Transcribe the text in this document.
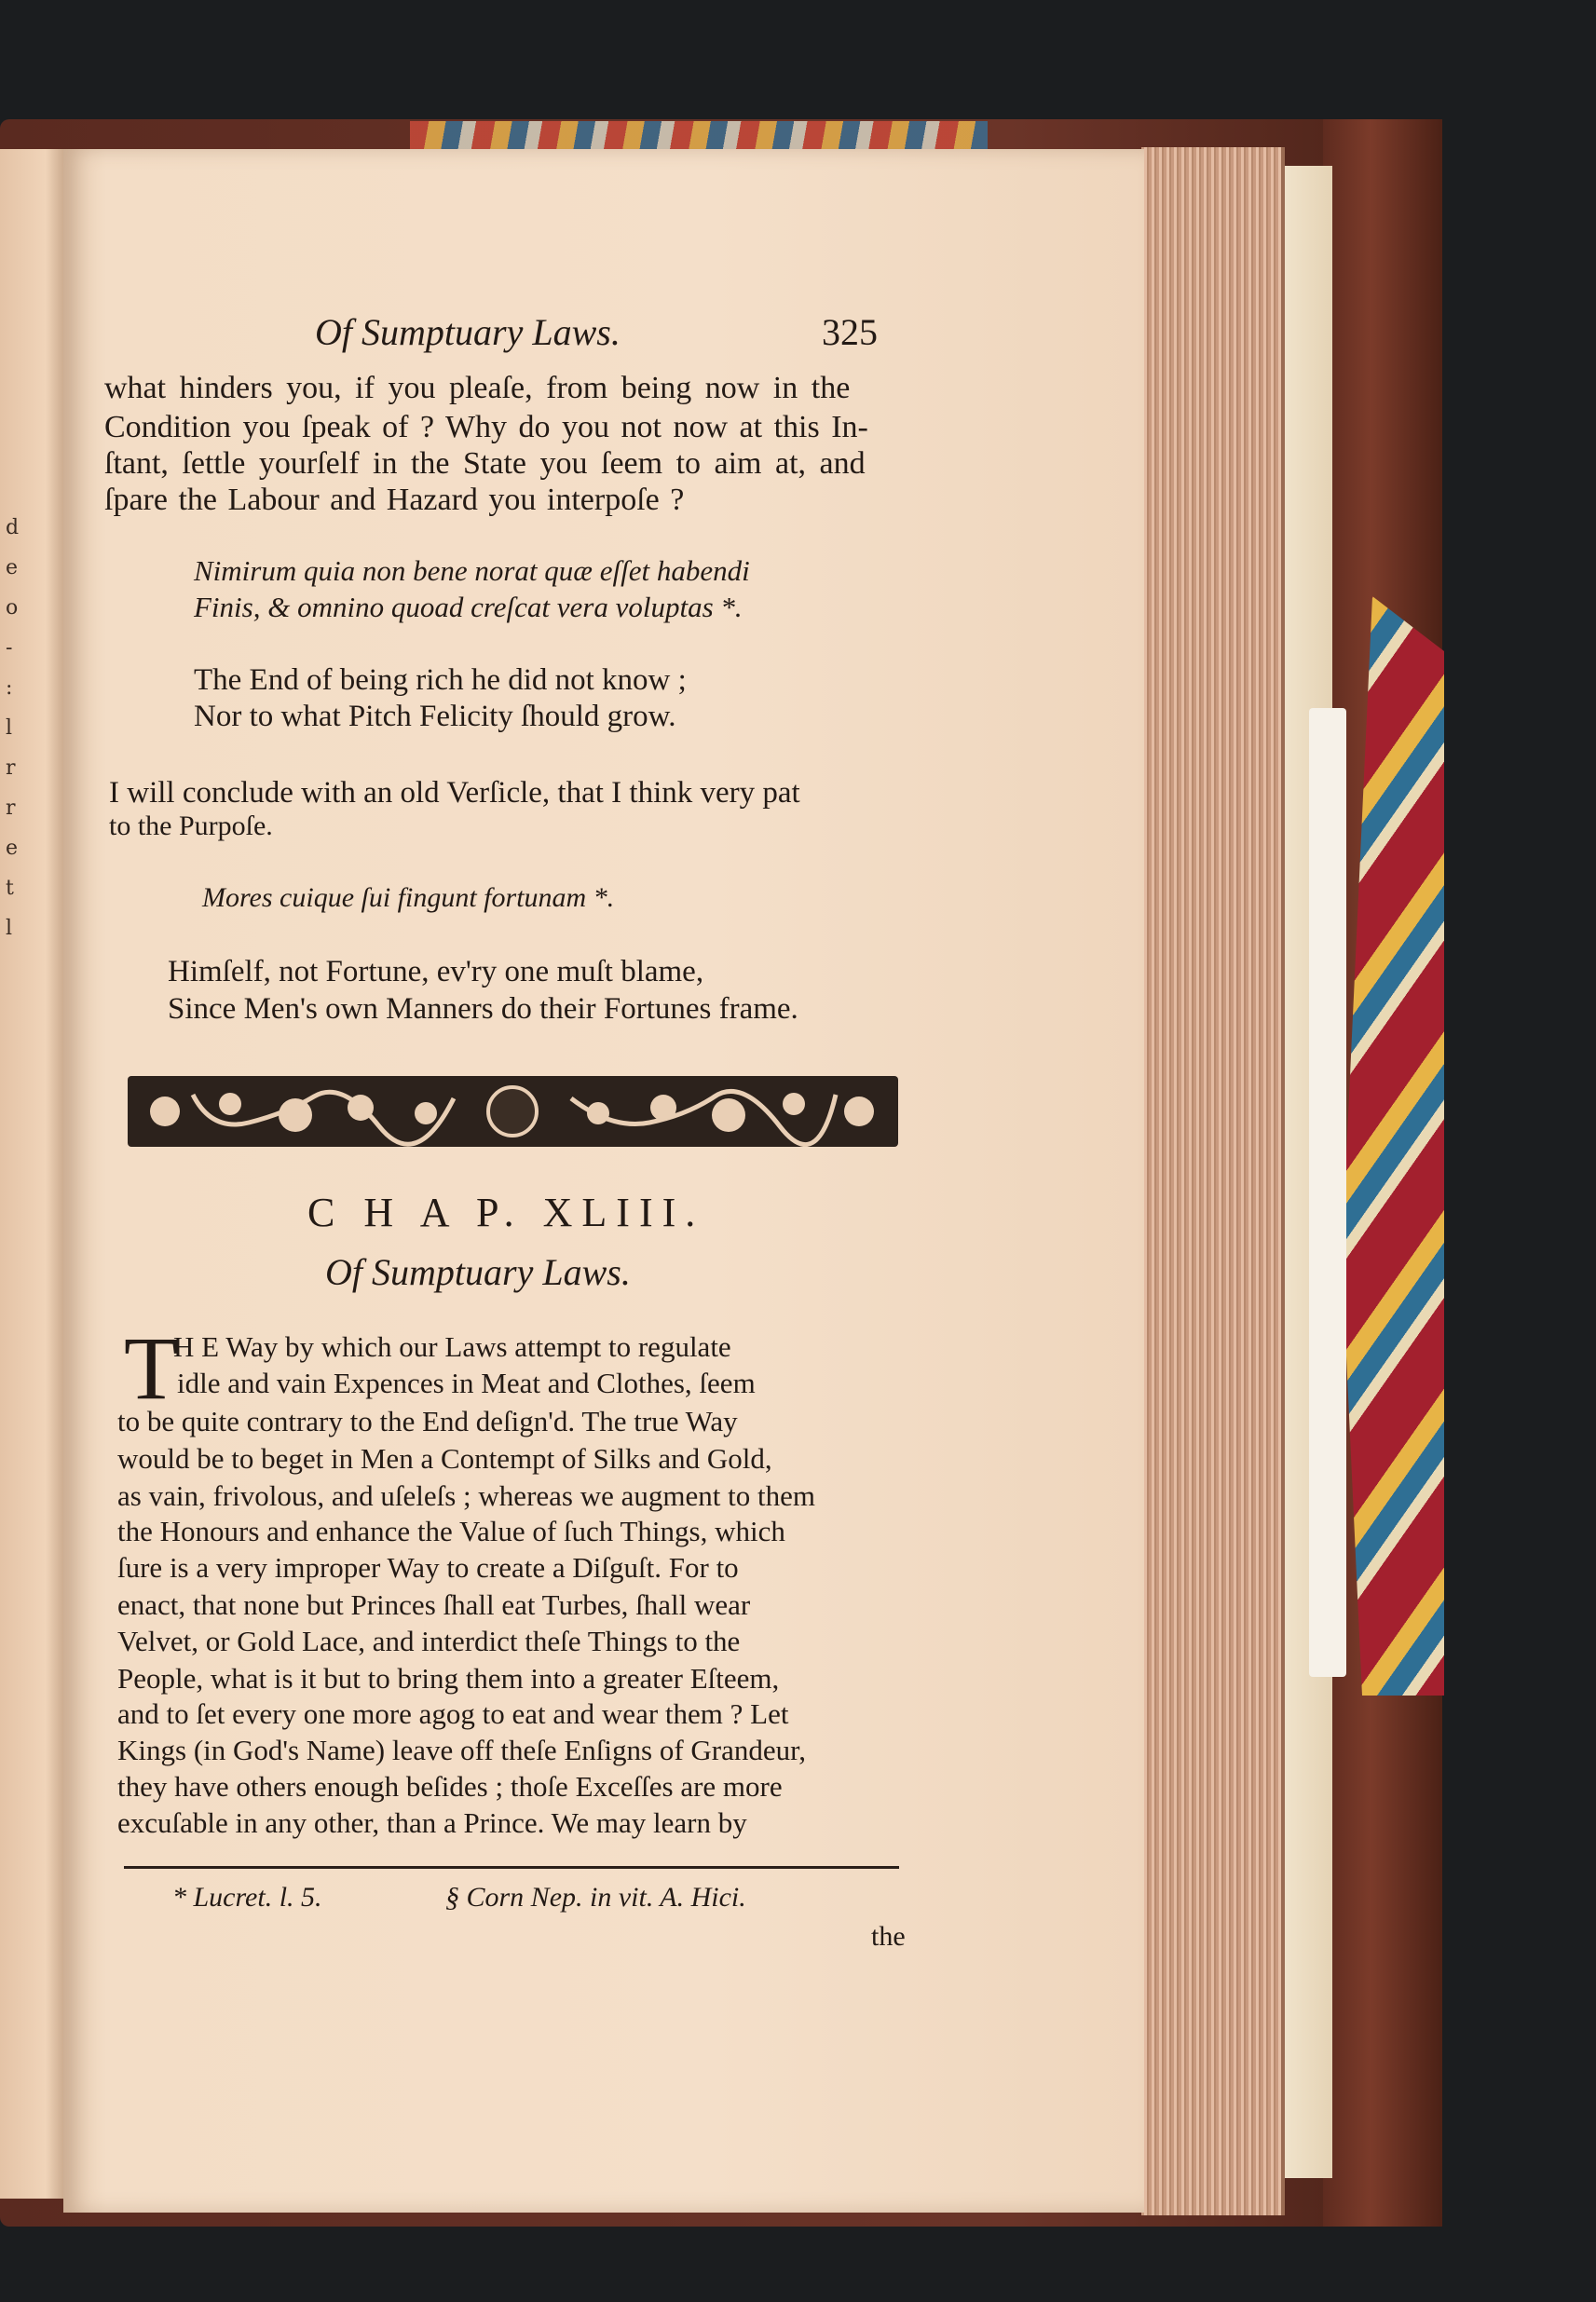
d
e
o
-
:
l
r
r
e
t
l
Of Sumptuary Laws.	325
what hinders you, if you pleaſe, from being now in the
Condition you ſpeak of ? Why do you not now at this In-
ſtant, ſettle yourſelf in the State you ſeem to aim at, and
ſpare the Labour and Hazard you interpoſe ?
Nimirum quia non bene norat quæ eſſet habendi
Finis, & omnino quoad creſcat vera voluptas *.
The End of being rich he did not know ;
Nor to what Pitch Felicity ſhould grow.
I will conclude with an old Verſicle, that I think very pat
to the Purpoſe.
Mores cuique ſui fingunt fortunam *.
Himſelf, not Fortune, ev'ry one muſt blame,
Since Men's own Manners do their Fortunes frame.
C H A P. XLIII.
Of Sumptuary Laws.
T
H E Way by which our Laws attempt to regulate
idle and vain Expences in Meat and Clothes, ſeem
to be quite contrary to the End deſign'd. The true Way
would be to beget in Men a Contempt of Silks and Gold,
as vain, frivolous, and uſeleſs ; whereas we augment to them
the Honours and enhance the Value of ſuch Things, which
ſure is a very improper Way to create a Diſguſt. For to
enact, that none but Princes ſhall eat Turbes, ſhall wear
Velvet, or Gold Lace, and interdict theſe Things to the
People, what is it but to bring them into a greater Eſteem,
and to ſet every one more agog to eat and wear them ? Let
Kings (in God's Name) leave off theſe Enſigns of Grandeur,
they have others enough beſides ; thoſe Exceſſes are more
excuſable in any other, than a Prince. We may learn by
* Lucret. l. 5.	§ Corn Nep. in vit. A. Hici.
the
